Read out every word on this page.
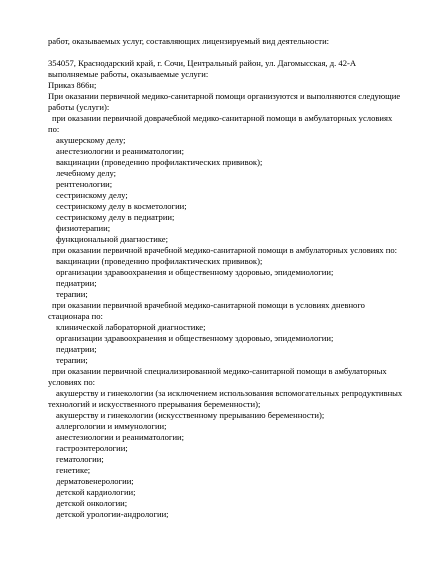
работ, оказываемых услуг, составляющих лицензируемый вид деятельности:

354057, Краснодарский край, г. Сочи, Центральный район, ул. Дагомысская, д. 42-А

выполняемые работы, оказываемые услуги:

Приказ 866н;

При оказании первичной медико-санитарной помощи организуются и выполняются следующие

работы (услуги):

при оказании первичной доврачебной медико-санитарной помощи в амбулаторных условиях

по:

акушерскому делу;

анестезиологии и реаниматологии;

вакцинации (проведению профилактических прививок);

лечебному делу;

рентгенологии;

сестринскому делу;

сестринскому делу в косметологии;

сестринскому делу в педиатрии;

физиотерапии;

функциональной диагностике;

при оказании первичной врачебной медико-санитарной помощи в амбулаторных условиях по:

вакцинации (проведению профилактических прививок);

организации здравоохранения и общественному здоровью, эпидемиологии;

педиатрии;

терапии;

при оказании первичной врачебной медико-санитарной помощи в условиях дневного

стационара по:

клинической лабораторной диагностике;

организации здравоохранения и общественному здоровью, эпидемиологии;

педиатрии;

терапии;

при оказании первичной специализированной медико-санитарной помощи в амбулаторных

условиях по:

акушерству и гинекологии (за исключением использования вспомогательных репродуктивных

технологий и искусственного прерывания беременности);

акушерству и гинекологии (искусственному прерыванию беременности);

аллергологии и иммунологии;

анестезиологии и реаниматологии;

гастроэнтерологии;

гематологии;

генетике;

дерматовенерологии;

детской кардиологии;

детской онкологии;

детской урологии-андрологии;
